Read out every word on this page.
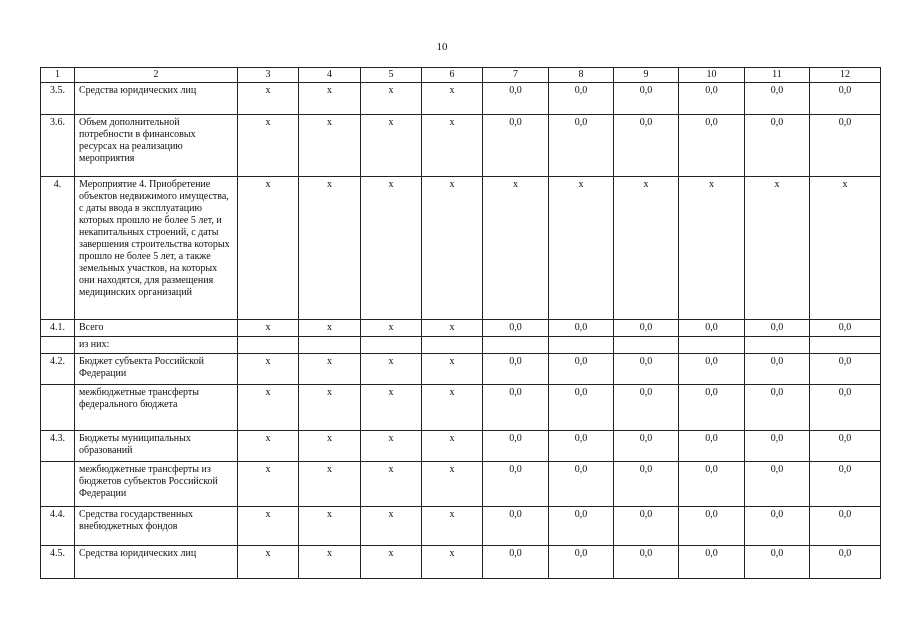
10
1	2	3	4	5	6	7	8	9	10	11	12
3.5.	Средства юридических лиц	x	x	x	x	0,0	0,0	0,0	0,0	0,0	0,0
3.6.	Объем дополнительной потребности в финансовых ресурсах на реализацию мероприятия	x	x	x	x	0,0	0,0	0,0	0,0	0,0	0,0
4.	Мероприятие 4. Приобретение объектов недвижимого имущества, с даты ввода в эксплуатацию которых прошло не более 5 лет, и некапитальных строений, с даты завершения строительства которых прошло не более 5 лет, а также земельных участков, на которых они находятся, для размещения медицинских организаций	x	x	x	x	x	x	x	x	x	x
4.1.	Всего	x	x	x	x	0,0	0,0	0,0	0,0	0,0	0,0
	из них:										
4.2.	Бюджет субъекта Российской Федерации	x	x	x	x	0,0	0,0	0,0	0,0	0,0	0,0
	межбюджетные трансферты федерального бюджета	x	x	x	x	0,0	0,0	0,0	0,0	0,0	0,0
4.3.	Бюджеты муниципальных образований	x	x	x	x	0,0	0,0	0,0	0,0	0,0	0,0
	межбюджетные трансферты из бюджетов субъектов Российской Федерации	x	x	x	x	0,0	0,0	0,0	0,0	0,0	0,0
4.4.	Средства государственных внебюджетных фондов	x	x	x	x	0,0	0,0	0,0	0,0	0,0	0,0
4.5.	Средства юридических лиц	x	x	x	x	0,0	0,0	0,0	0,0	0,0	0,0
